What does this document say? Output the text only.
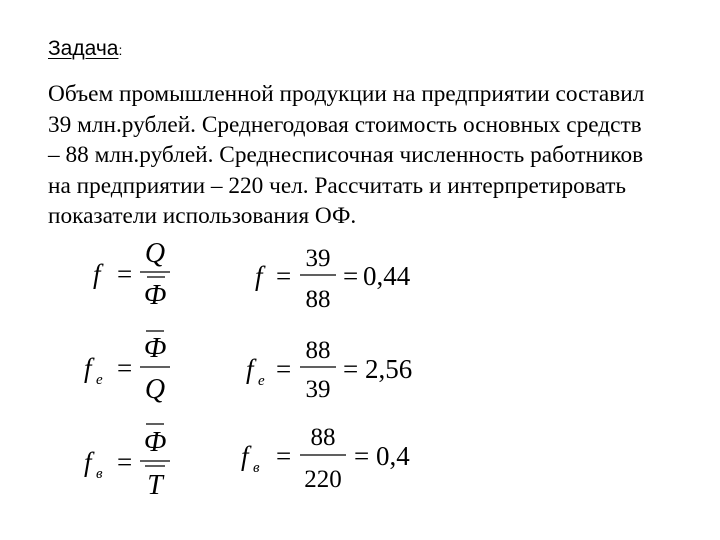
Задача:
Объем промышленной продукции на предприятии составил
39 млн.рублей. Среднегодовая стоимость основных средств
– 88 млн.рублей. Среднесписочная численность работников
на предприятии – 220 чел. Рассчитать и интерпретировать
показатели использования ОФ.
f =
Q
Ф
f =
39
88
= 0,44
f е =
Ф
Q
f е =
88
39
= 2,56
f в =
Ф
T
f в =
88
220
= 0,4
